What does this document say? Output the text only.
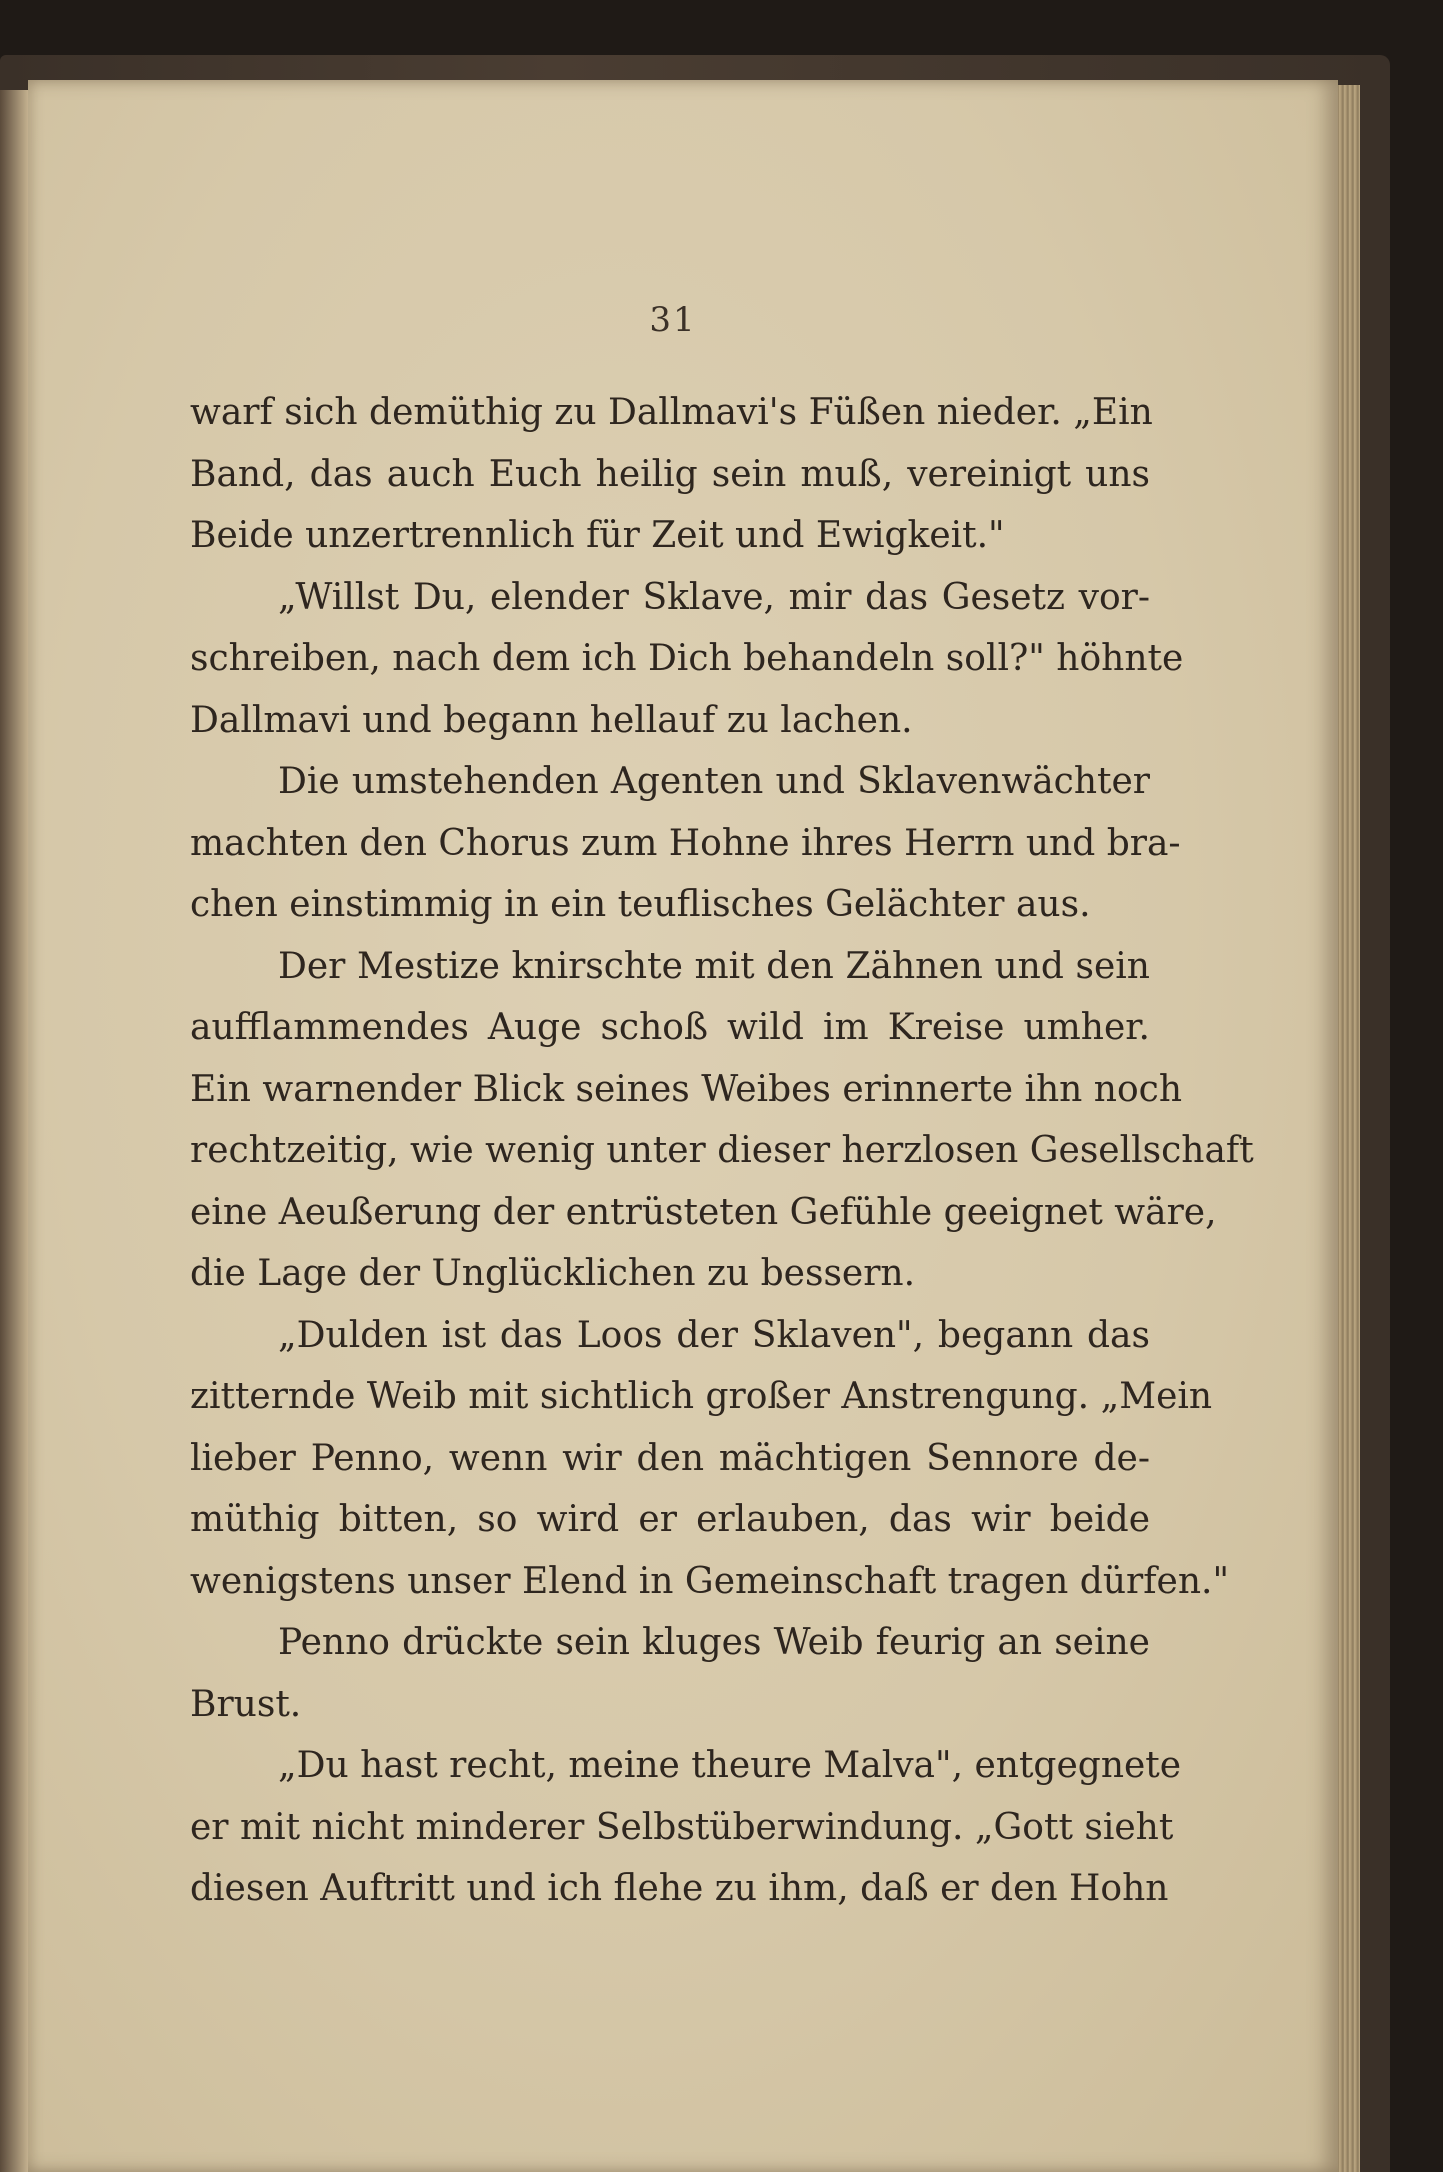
31
warf sich demüthig zu Dallmavi's Füßen nieder. „Ein
Band, das auch Euch heilig sein muß, vereinigt uns
Beide unzertrennlich für Zeit und Ewigkeit."
„Willst Du, elender Sklave, mir das Gesetz vor-
schreiben, nach dem ich Dich behandeln soll?" höhnte
Dallmavi und begann hellauf zu lachen.
Die umstehenden Agenten und Sklavenwächter
machten den Chorus zum Hohne ihres Herrn und bra-
chen einstimmig in ein teuflisches Gelächter aus.
Der Mestize knirschte mit den Zähnen und sein
aufflammendes Auge schoß wild im Kreise umher.
Ein warnender Blick seines Weibes erinnerte ihn noch
rechtzeitig, wie wenig unter dieser herzlosen Gesellschaft
eine Aeußerung der entrüsteten Gefühle geeignet wäre,
die Lage der Unglücklichen zu bessern.
„Dulden ist das Loos der Sklaven", begann das
zitternde Weib mit sichtlich großer Anstrengung. „Mein
lieber Penno, wenn wir den mächtigen Sennore de-
müthig bitten, so wird er erlauben, das wir beide
wenigstens unser Elend in Gemeinschaft tragen dürfen."
Penno drückte sein kluges Weib feurig an seine
Brust.
„Du hast recht, meine theure Malva", entgegnete
er mit nicht minderer Selbstüberwindung. „Gott sieht
diesen Auftritt und ich flehe zu ihm, daß er den Hohn
